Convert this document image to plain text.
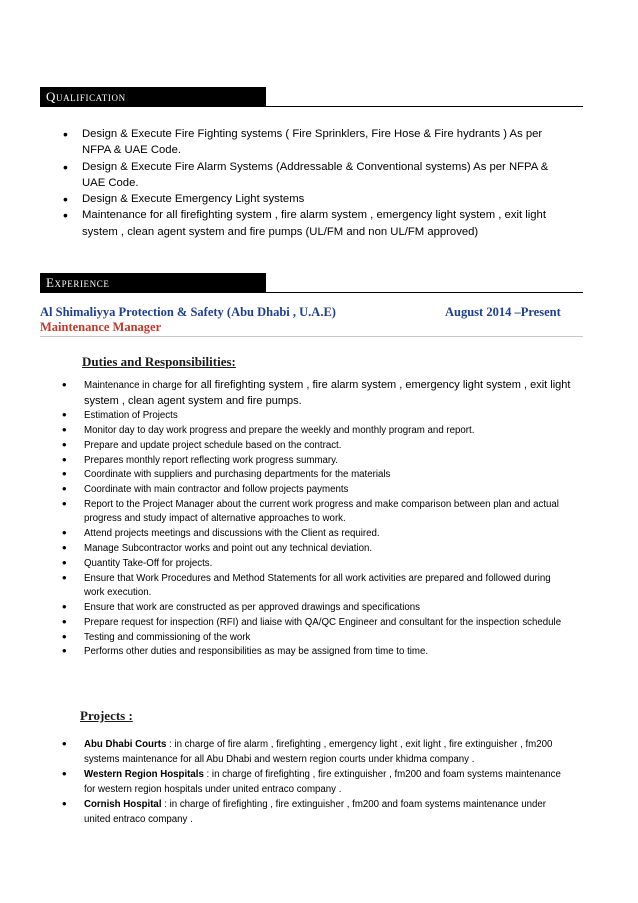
Qualification
• Design & Execute Fire Fighting systems ( Fire Sprinklers, Fire Hose & Fire hydrants ) As per NFPA & UAE Code.
• Design & Execute Fire Alarm Systems (Addressable & Conventional systems) As per NFPA & UAE Code.
• Design & Execute Emergency Light systems
• Maintenance for all firefighting system , fire alarm system , emergency light system , exit light system , clean agent system and fire pumps (UL/FM and non UL/FM approved)
Experience
Al Shimaliyya Protection & Safety (Abu Dhabi , U.A.E)	August 2014 –Present
Maintenance Manager
Duties and Responsibilities:
• Maintenance in charge for all firefighting system , fire alarm system , emergency light system , exit light system , clean agent system and fire pumps.
• Estimation of Projects
• Monitor day to day work progress and prepare the weekly and monthly program and report.
• Prepare and update project schedule based on the contract.
• Prepares monthly report reflecting work progress summary.
• Coordinate with suppliers and purchasing departments for the materials
• Coordinate with main contractor and follow projects payments
• Report to the Project Manager about the current work progress and make comparison between plan and actual progress and study impact of alternative approaches to work.
• Attend projects meetings and discussions with the Client as required.
• Manage Subcontractor works and point out any technical deviation.
• Quantity Take-Off for projects.
• Ensure that Work Procedures and Method Statements for all work activities are prepared and followed during work execution.
• Ensure that work are constructed as per approved drawings and specifications
• Prepare request for inspection (RFI) and liaise with QA/QC Engineer and consultant for the inspection schedule
• Testing and commissioning of the work
• Performs other duties and responsibilities as may be assigned from time to time.
Projects :
• Abu Dhabi Courts : in charge of fire alarm , firefighting , emergency light , exit light , fire extinguisher , fm200 systems maintenance for all Abu Dhabi and western region courts under khidma company .
• Western Region Hospitals : in charge of firefighting , fire extinguisher , fm200 and foam systems maintenance for western region hospitals under united entraco company .
• Cornish Hospital : in charge of firefighting , fire extinguisher , fm200 and foam systems maintenance under united entraco company .
